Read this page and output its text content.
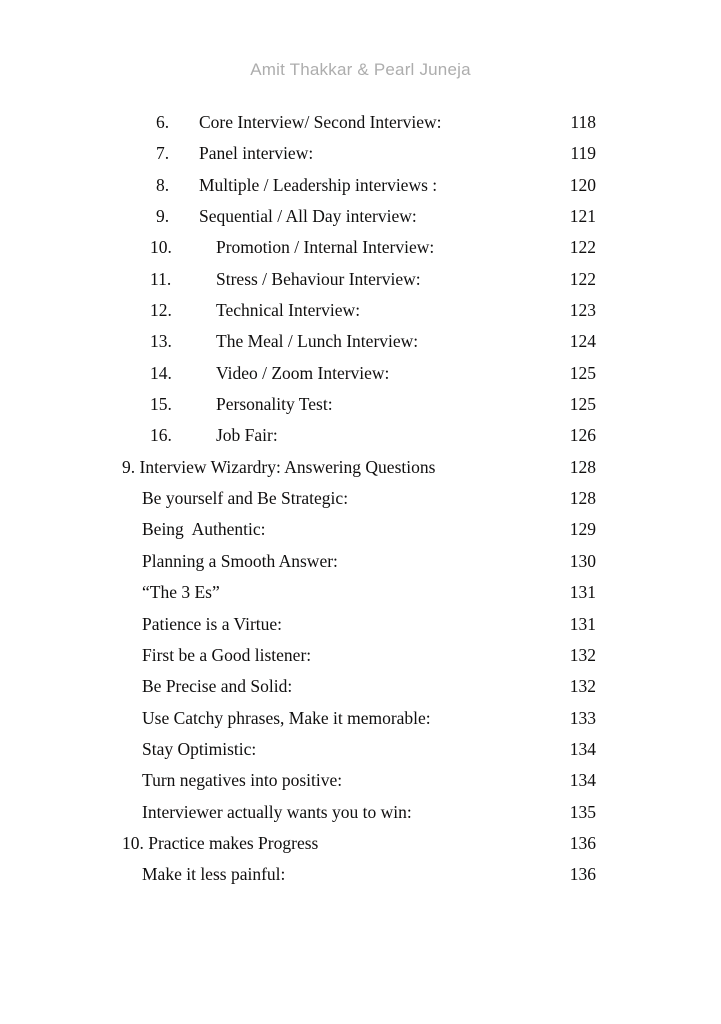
Amit Thakkar & Pearl Juneja
6. Core Interview/ Second Interview:	118
7. Panel interview:	119
8. Multiple / Leadership interviews :	120
9. Sequential / All Day interview:	121
10.	Promotion / Internal Interview:	122
11.	Stress / Behaviour Interview:	122
12.	Technical Interview:	123
13.	The Meal / Lunch Interview:	124
14.	Video / Zoom Interview:	125
15.	Personality Test:	125
16.	Job Fair:	126
9. Interview Wizardry: Answering Questions	128
Be yourself and Be Strategic:	128
Being  Authentic:	129
Planning a Smooth Answer:	130
“The 3 Es”	131
Patience is a Virtue:	131
First be a Good listener:	132
Be Precise and Solid:	132
Use Catchy phrases, Make it memorable:	133
Stay Optimistic:	134
Turn negatives into positive:	134
Interviewer actually wants you to win:	135
10. Practice makes Progress	136
Make it less painful:	136
